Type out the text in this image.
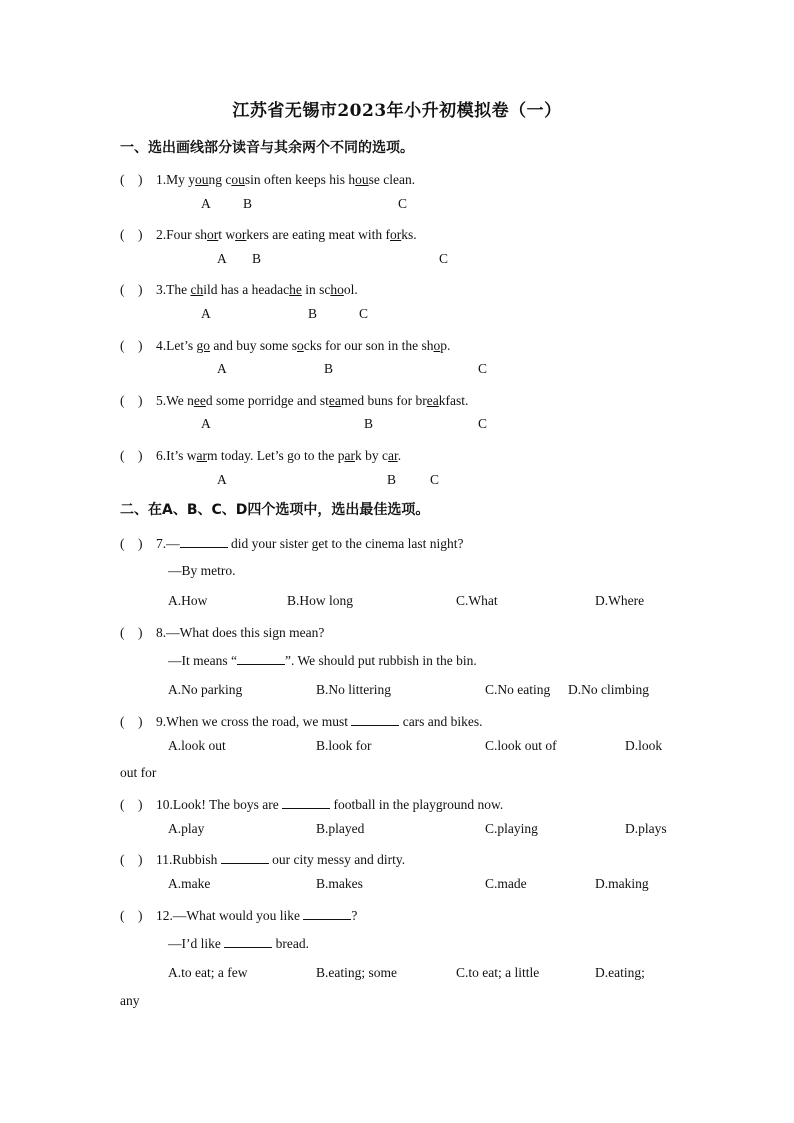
江苏省无锡市2023年小升初模拟卷（一）
一、选出画线部分读音与其余两个不同的选项。
(　) 1.My young cousin often keeps his house clean.
A B	C
(　) 2.Four short workers are eating meat with forks.
A B	C
(　) 3.The child has a headache in school.
A	B	C
(　) 4.Let’s go and buy some socks for our son in the shop.
A	B	C
(　) 5.We need some porridge and steamed buns for breakfast.
A	B	C
(　) 6.It’s warm today. Let’s go to the park by car.
A	B	C
二、在A、B、C、D四个选项中，选出最佳选项。
(　) 7.—	did your sister get to the cinema last night?
—By metro.
A.How	B.How long	C.What	D.Where
(　) 8.—What does this sign mean?
—It means “	”. We should put rubbish in the bin.
A.No parking	B.No littering	C.No eating D.No climbing
(　) 9.When we cross the road, we must	cars and bikes.
A.look out	B.look for	C.look out of	D.look
out for
(　) 10.Look! The boys are	football in the playground now.
A.play	B.played	C.playing	D.plays
(　) 11.Rubbish	our city messy and dirty.
A.make	B.makes	C.made	D.making
(　) 12.—What would you like	?
—I’d like	bread.
A.to eat; a few	B.eating; some	C.to eat; a little	D.eating;
any
